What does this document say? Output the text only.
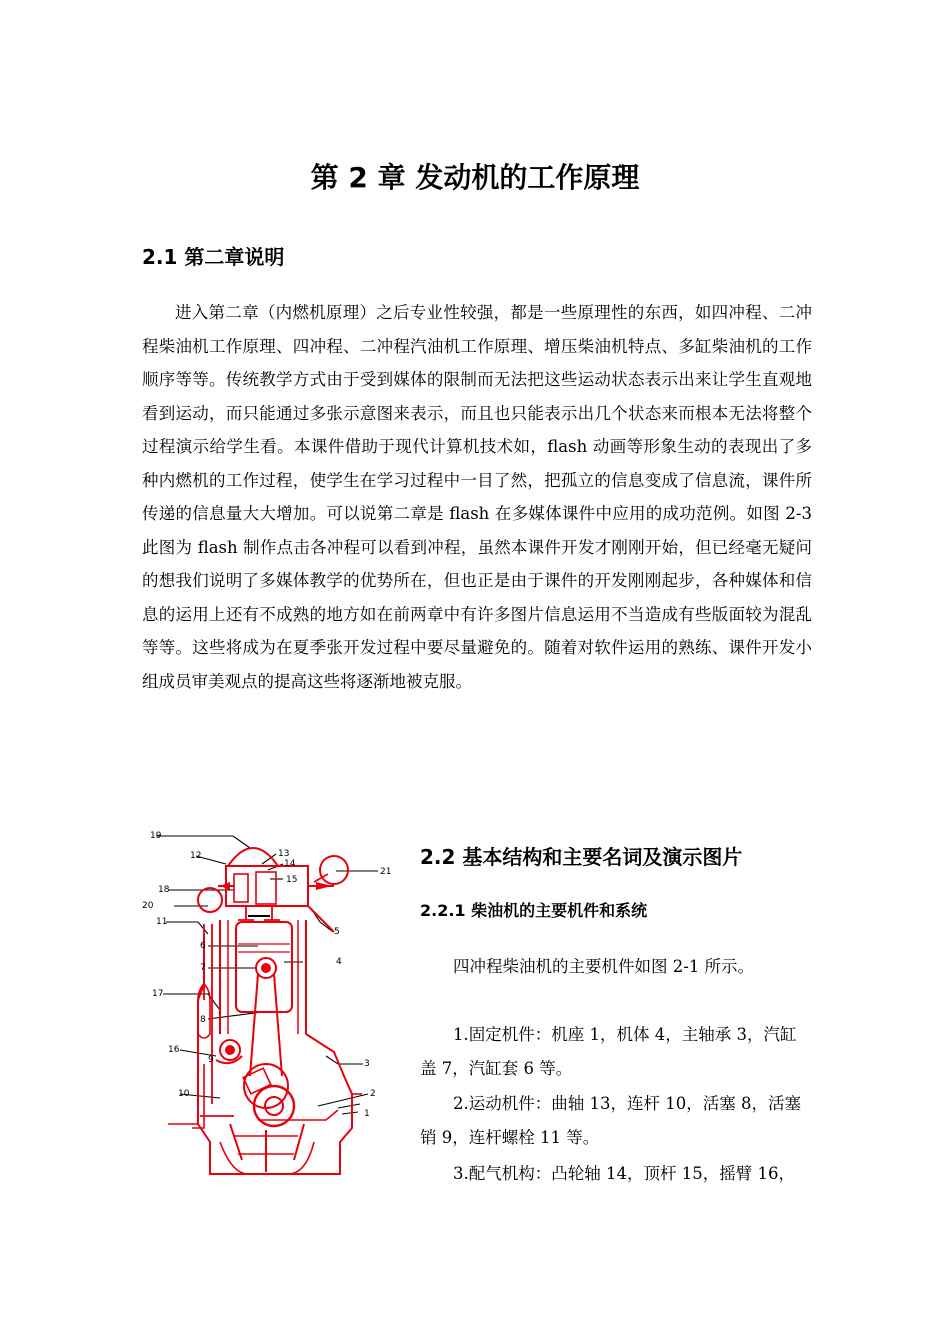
第 2 章 发动机的工作原理
2.1 第二章说明

进入第二章（内燃机原理）之后专业性较强，都是一些原理性的东西，如四冲程、二冲程柴油机工作原理、四冲程、二冲程汽油机工作原理、增压柴油机特点、多缸柴油机的工作顺序等等。传统教学方式由于受到媒体的限制而无法把这些运动状态表示出来让学生直观地看到运动，而只能通过多张示意图来表示，而且也只能表示出几个状态来而根本无法将整个过程演示给学生看。本课件借助于现代计算机技术如，flash 动画等形象生动的表现出了多种内燃机的工作过程，使学生在学习过程中一目了然，把孤立的信息变成了信息流，课件所传递的信息量大大增加。可以说第二章是 flash 在多媒体课件中应用的成功范例。如图 2-3 此图为 flash 制作点击各冲程可以看到冲程，虽然本课件开发才刚刚开始，但已经毫无疑问的想我们说明了多媒体教学的优势所在，但也正是由于课件的开发刚刚起步，各种媒体和信息的运用上还有不成熟的地方如在前两章中有许多图片信息运用不当造成有些版面较为混乱等等。这些将成为在夏季张开发过程中要尽量避免的。随着对软件运用的熟练、课件开发小组成员审美观点的提高这些将逐渐地被克服。

19
12	13
14
15
21
18
20
11
5
6
4
7
17
8
16
9	3
10	2
1
2.2 基本结构和主要名词及演示图片
2.2.1 柴油机的主要机件和系统

四冲程柴油机的主要机件如图 2-1 所示。

1.固定机件：机座 1，机体 4，主轴承 3，汽缸盖 7，汽缸套 6 等。

2.运动机件：曲轴 13，连杆 10，活塞 8，活塞销 9，连杆螺栓 11 等。

3.配气机构：凸轮轴 14，顶杆 15，摇臂 16，
